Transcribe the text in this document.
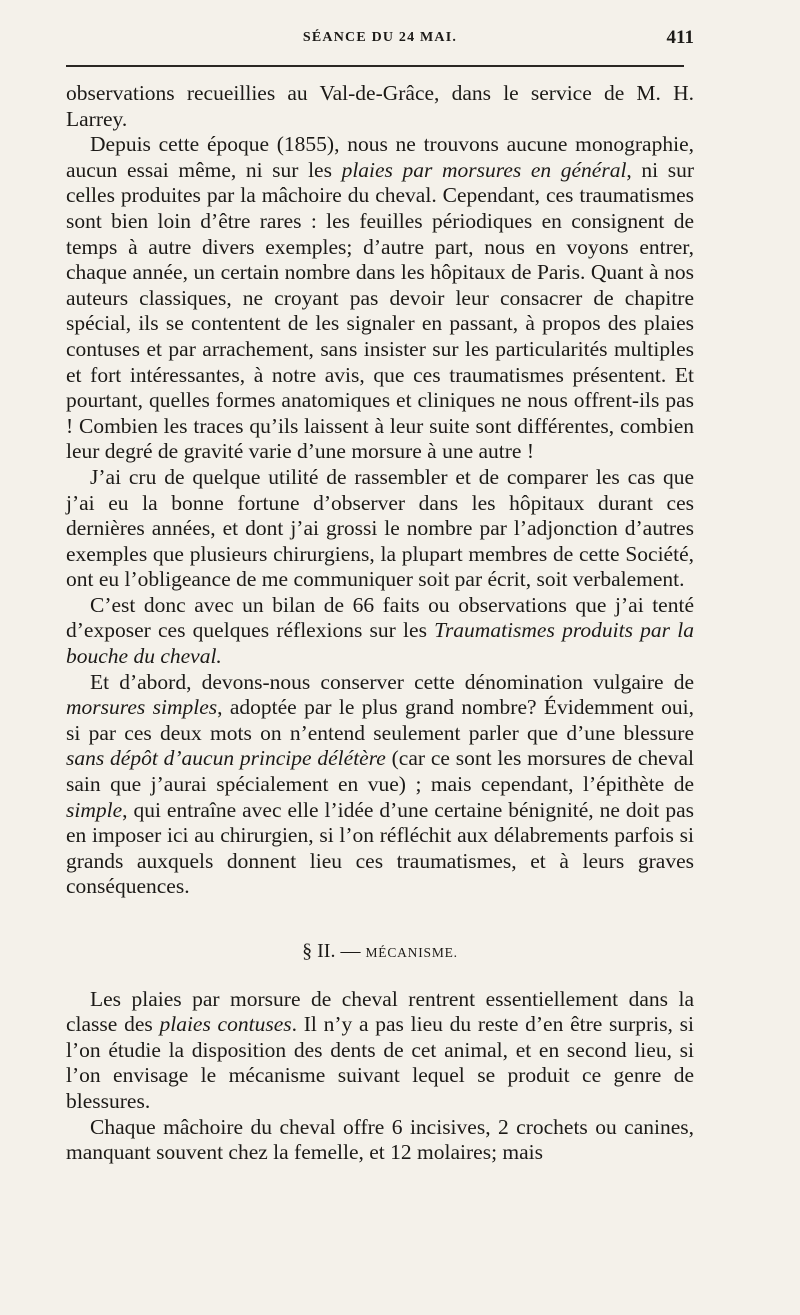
SÉANCE DU 24 MAI.	411

observations recueillies au Val-de-Grâce, dans le service de M. H. Larrey.

Depuis cette époque (1855), nous ne trouvons aucune monographie, aucun essai même, ni sur les plaies par morsures en général, ni sur celles produites par la mâchoire du cheval. Cependant, ces traumatismes sont bien loin d’être rares : les feuilles périodiques en consignent de temps à autre divers exemples; d’autre part, nous en voyons entrer, chaque année, un certain nombre dans les hôpitaux de Paris. Quant à nos auteurs classiques, ne croyant pas devoir leur consacrer de chapitre spécial, ils se contentent de les signaler en passant, à propos des plaies contuses et par arrachement, sans insister sur les particularités multiples et fort intéressantes, à notre avis, que ces traumatismes présentent. Et pourtant, quelles formes anatomiques et cliniques ne nous offrent-ils pas ! Combien les traces qu’ils laissent à leur suite sont différentes, combien leur degré de gravité varie d’une morsure à une autre !

J’ai cru de quelque utilité de rassembler et de comparer les cas que j’ai eu la bonne fortune d’observer dans les hôpitaux durant ces dernières années, et dont j’ai grossi le nombre par l’adjonction d’autres exemples que plusieurs chirurgiens, la plupart membres de cette Société, ont eu l’obligeance de me communiquer soit par écrit, soit verbalement.

C’est donc avec un bilan de 66 faits ou observations que j’ai tenté d’exposer ces quelques réflexions sur les Traumatismes produits par la bouche du cheval.

Et d’abord, devons-nous conserver cette dénomination vulgaire de morsures simples, adoptée par le plus grand nombre? Évidemment oui, si par ces deux mots on n’entend seulement parler que d’une blessure sans dépôt d’aucun principe délétère (car ce sont les morsures de cheval sain que j’aurai spécialement en vue) ; mais cependant, l’épithète de simple, qui entraîne avec elle l’idée d’une certaine bénignité, ne doit pas en imposer ici au chirurgien, si l’on réfléchit aux délabrements parfois si grands auxquels donnent lieu ces traumatismes, et à leurs graves conséquences.

§ II. — MÉCANISME.

Les plaies par morsure de cheval rentrent essentiellement dans la classe des plaies contuses. Il n’y a pas lieu du reste d’en être surpris, si l’on étudie la disposition des dents de cet animal, et en second lieu, si l’on envisage le mécanisme suivant lequel se produit ce genre de blessures.

Chaque mâchoire du cheval offre 6 incisives, 2 crochets ou canines, manquant souvent chez la femelle, et 12 molaires; mais
